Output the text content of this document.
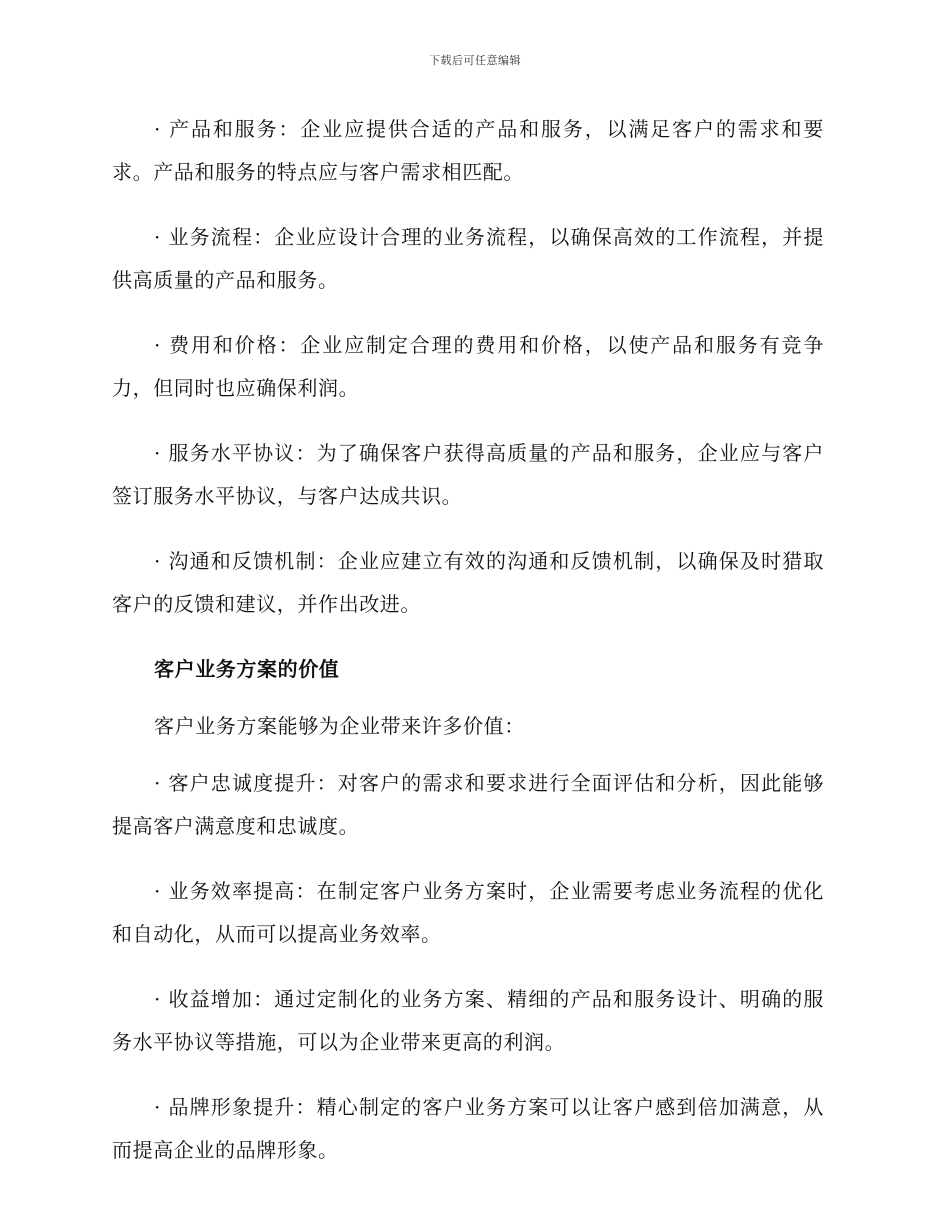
下载后可任意编辑

· 产品和服务：企业应提供合适的产品和服务，以满足客户的需求和要求。产品和服务的特点应与客户需求相匹配。

· 业务流程：企业应设计合理的业务流程，以确保高效的工作流程，并提供高质量的产品和服务。

· 费用和价格：企业应制定合理的费用和价格，以使产品和服务有竞争力，但同时也应确保利润。

· 服务水平协议：为了确保客户获得高质量的产品和服务，企业应与客户签订服务水平协议，与客户达成共识。

· 沟通和反馈机制：企业应建立有效的沟通和反馈机制，以确保及时猎取客户的反馈和建议，并作出改进。

客户业务方案的价值

客户业务方案能够为企业带来许多价值：

· 客户忠诚度提升：对客户的需求和要求进行全面评估和分析，因此能够提高客户满意度和忠诚度。

· 业务效率提高：在制定客户业务方案时，企业需要考虑业务流程的优化和自动化，从而可以提高业务效率。

· 收益增加：通过定制化的业务方案、精细的产品和服务设计、明确的服务水平协议等措施，可以为企业带来更高的利润。

· 品牌形象提升：精心制定的客户业务方案可以让客户感到倍加满意，从而提高企业的品牌形象。
